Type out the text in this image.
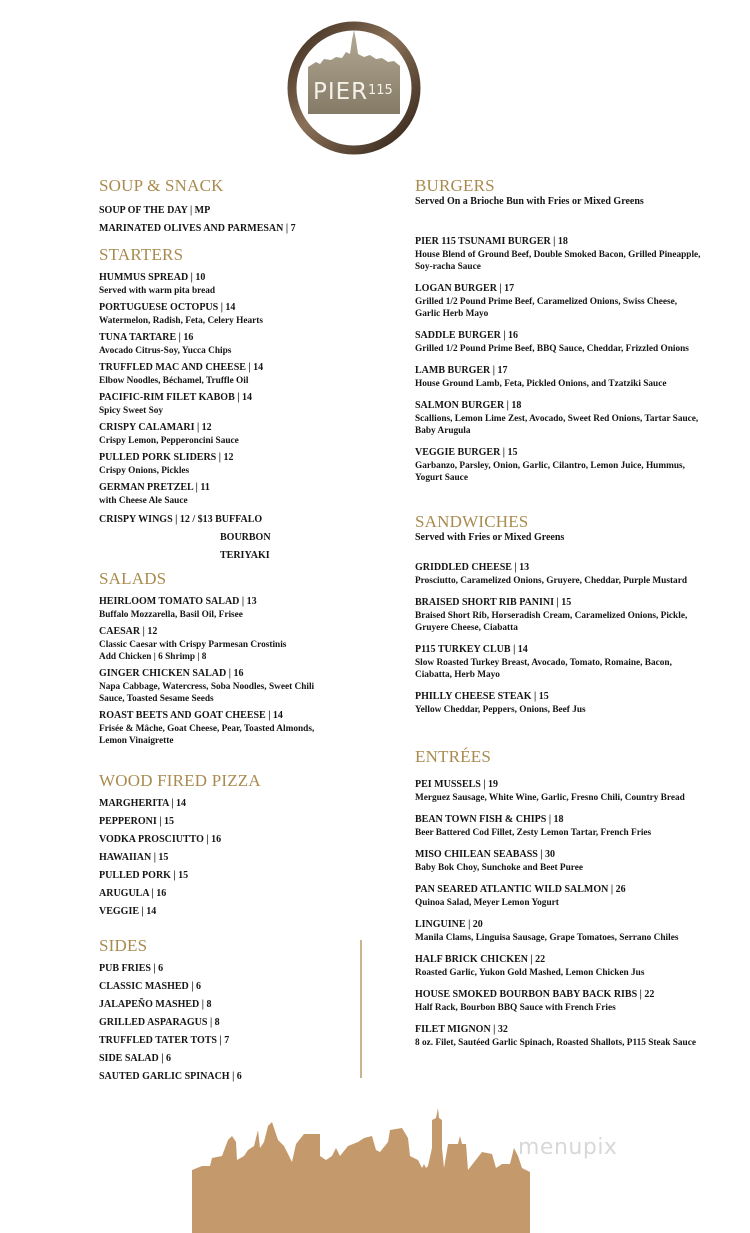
PIER 115
menupix
SOUP & SNACK
SOUP OF THE DAY | MP
MARINATED OLIVES AND PARMESAN | 7
STARTERS
HUMMUS SPREAD | 10
Served with warm pita bread
PORTUGUESE OCTOPUS | 14
Watermelon, Radish, Feta, Celery Hearts
TUNA TARTARE | 16
Avocado Citrus-Soy, Yucca Chips
TRUFFLED MAC AND CHEESE | 14
Elbow Noodles, Béchamel, Truffle Oil
PACIFIC-RIM FILET KABOB | 14
Spicy Sweet Soy
CRISPY CALAMARI | 12
Crispy Lemon, Pepperoncini Sauce
PULLED PORK SLIDERS | 12
Crispy Onions, Pickles
GERMAN PRETZEL | 11
with Cheese Ale Sauce
CRISPY WINGS | 12 / $13 BUFFALO
BOURBON
TERIYAKI
SALADS
HEIRLOOM TOMATO SALAD | 13
Buffalo Mozzarella, Basil Oil, Frisee
CAESAR | 12
Classic Caesar with Crispy Parmesan Crostinis
Add Chicken | 6 Shrimp | 8
GINGER CHICKEN SALAD | 16
Napa Cabbage, Watercress, Soba Noodles, Sweet Chili
Sauce, Toasted Sesame Seeds
ROAST BEETS AND GOAT CHEESE | 14
Frisée & Mâche, Goat Cheese, Pear, Toasted Almonds,
Lemon Vinaigrette
WOOD FIRED PIZZA
MARGHERITA | 14
PEPPERONI | 15
VODKA PROSCIUTTO | 16
HAWAIIAN | 15
PULLED PORK | 15
ARUGULA | 16
VEGGIE | 14
SIDES
PUB FRIES | 6
CLASSIC MASHED | 6
JALAPEÑO MASHED | 8
GRILLED ASPARAGUS | 8
TRUFFLED TATER TOTS | 7
SIDE SALAD | 6
SAUTED GARLIC SPINACH | 6
BURGERS
Served On a Brioche Bun with Fries or Mixed Greens
PIER 115 TSUNAMI BURGER | 18
House Blend of Ground Beef, Double Smoked Bacon, Grilled Pineapple,
Soy-racha Sauce
LOGAN BURGER | 17
Grilled 1/2 Pound Prime Beef, Caramelized Onions, Swiss Cheese,
Garlic Herb Mayo
SADDLE BURGER | 16
Grilled 1/2 Pound Prime Beef, BBQ Sauce, Cheddar, Frizzled Onions
LAMB BURGER | 17
House Ground Lamb, Feta, Pickled Onions, and Tzatziki Sauce
SALMON BURGER | 18
Scallions, Lemon Lime Zest, Avocado, Sweet Red Onions, Tartar Sauce,
Baby Arugula
VEGGIE BURGER | 15
Garbanzo, Parsley, Onion, Garlic, Cilantro, Lemon Juice, Hummus,
Yogurt Sauce
SANDWICHES
Served with Fries or Mixed Greens
GRIDDLED CHEESE | 13
Prosciutto, Caramelized Onions, Gruyere, Cheddar, Purple Mustard
BRAISED SHORT RIB PANINI | 15
Braised Short Rib, Horseradish Cream, Caramelized Onions, Pickle,
Gruyere Cheese, Ciabatta
P115 TURKEY CLUB | 14
Slow Roasted Turkey Breast, Avocado, Tomato, Romaine, Bacon,
Ciabatta, Herb Mayo
PHILLY CHEESE STEAK | 15
Yellow Cheddar, Peppers, Onions, Beef Jus
ENTRÉES
PEI MUSSELS | 19
Merguez Sausage, White Wine, Garlic, Fresno Chili, Country Bread
BEAN TOWN FISH & CHIPS | 18
Beer Battered Cod Fillet, Zesty Lemon Tartar, French Fries
MISO CHILEAN SEABASS | 30
Baby Bok Choy, Sunchoke and Beet Puree
PAN SEARED ATLANTIC WILD SALMON | 26
Quinoa Salad, Meyer Lemon Yogurt
LINGUINE | 20
Manila Clams, Linguisa Sausage, Grape Tomatoes, Serrano Chiles
HALF BRICK CHICKEN | 22
Roasted Garlic, Yukon Gold Mashed, Lemon Chicken Jus
HOUSE SMOKED BOURBON BABY BACK RIBS | 22
Half Rack, Bourbon BBQ Sauce with French Fries
FILET MIGNON | 32
8 oz. Filet, Sautéed Garlic Spinach, Roasted Shallots, P115 Steak Sauce
